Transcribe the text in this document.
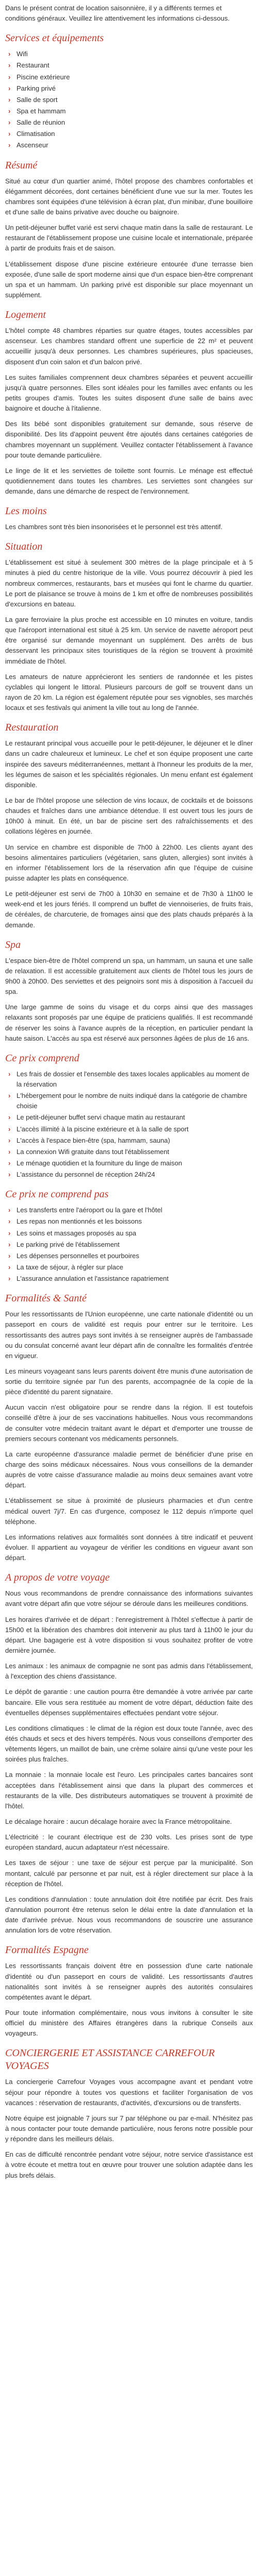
Dans le présent contrat de location saisonnière, il y a différents termes et conditions généraux. Veuillez lire attentivement les informations ci-dessous.

Services et équipements
› Wifi
› Restaurant
› Piscine extérieure
› Parking privé
› Salle de sport
› Spa et hammam
› Salle de réunion
› Climatisation
› Ascenseur
Résumé

Situé au cœur d'un quartier animé, l'hôtel propose des chambres confortables et élégamment décorées, dont certaines bénéficient d'une vue sur la mer. Toutes les chambres sont équipées d'une télévision à écran plat, d'un minibar, d'une bouilloire et d'une salle de bains privative avec douche ou baignoire.

Un petit-déjeuner buffet varié est servi chaque matin dans la salle de restaurant. Le restaurant de l'établissement propose une cuisine locale et internationale, préparée à partir de produits frais et de saison.

L'établissement dispose d'une piscine extérieure entourée d'une terrasse bien exposée, d'une salle de sport moderne ainsi que d'un espace bien-être comprenant un spa et un hammam. Un parking privé est disponible sur place moyennant un supplément.

Logement

L'hôtel compte 48 chambres réparties sur quatre étages, toutes accessibles par ascenseur. Les chambres standard offrent une superficie de 22 m² et peuvent accueillir jusqu'à deux personnes. Les chambres supérieures, plus spacieuses, disposent d'un coin salon et d'un balcon privé.

Les suites familiales comprennent deux chambres séparées et peuvent accueillir jusqu'à quatre personnes. Elles sont idéales pour les familles avec enfants ou les petits groupes d'amis. Toutes les suites disposent d'une salle de bains avec baignoire et douche à l'italienne.

Des lits bébé sont disponibles gratuitement sur demande, sous réserve de disponibilité. Des lits d'appoint peuvent être ajoutés dans certaines catégories de chambres moyennant un supplément. Veuillez contacter l'établissement à l'avance pour toute demande particulière.

Le linge de lit et les serviettes de toilette sont fournis. Le ménage est effectué quotidiennement dans toutes les chambres. Les serviettes sont changées sur demande, dans une démarche de respect de l'environnement.

Les moins

Les chambres sont très bien insonorisées et le personnel est très attentif.

Situation

L'établissement est situé à seulement 300 mètres de la plage principale et à 5 minutes à pied du centre historique de la ville. Vous pourrez découvrir à pied les nombreux commerces, restaurants, bars et musées qui font le charme du quartier. Le port de plaisance se trouve à moins de 1 km et offre de nombreuses possibilités d'excursions en bateau.

La gare ferroviaire la plus proche est accessible en 10 minutes en voiture, tandis que l'aéroport international est situé à 25 km. Un service de navette aéroport peut être organisé sur demande moyennant un supplément. Des arrêts de bus desservant les principaux sites touristiques de la région se trouvent à proximité immédiate de l'hôtel.

Les amateurs de nature apprécieront les sentiers de randonnée et les pistes cyclables qui longent le littoral. Plusieurs parcours de golf se trouvent dans un rayon de 20 km. La région est également réputée pour ses vignobles, ses marchés locaux et ses festivals qui animent la ville tout au long de l'année.

Restauration

Le restaurant principal vous accueille pour le petit-déjeuner, le déjeuner et le dîner dans un cadre chaleureux et lumineux. Le chef et son équipe proposent une carte inspirée des saveurs méditerranéennes, mettant à l'honneur les produits de la mer, les légumes de saison et les spécialités régionales. Un menu enfant est également disponible.

Le bar de l'hôtel propose une sélection de vins locaux, de cocktails et de boissons chaudes et fraîches dans une ambiance détendue. Il est ouvert tous les jours de 10h00 à minuit. En été, un bar de piscine sert des rafraîchissements et des collations légères en journée.

Un service en chambre est disponible de 7h00 à 22h00. Les clients ayant des besoins alimentaires particuliers (végétarien, sans gluten, allergies) sont invités à en informer l'établissement lors de la réservation afin que l'équipe de cuisine puisse adapter les plats en conséquence.

Le petit-déjeuner est servi de 7h00 à 10h30 en semaine et de 7h30 à 11h00 le week-end et les jours fériés. Il comprend un buffet de viennoiseries, de fruits frais, de céréales, de charcuterie, de fromages ainsi que des plats chauds préparés à la demande.

Spa

L'espace bien-être de l'hôtel comprend un spa, un hammam, un sauna et une salle de relaxation. Il est accessible gratuitement aux clients de l'hôtel tous les jours de 9h00 à 20h00. Des serviettes et des peignoirs sont mis à disposition à l'accueil du spa.

Une large gamme de soins du visage et du corps ainsi que des massages relaxants sont proposés par une équipe de praticiens qualifiés. Il est recommandé de réserver les soins à l'avance auprès de la réception, en particulier pendant la haute saison. L'accès au spa est réservé aux personnes âgées de plus de 16 ans.

Ce prix comprend
› Les frais de dossier et l'ensemble des taxes locales applicables au moment de la réservation
› L'hébergement pour le nombre de nuits indiqué dans la catégorie de chambre choisie
› Le petit-déjeuner buffet servi chaque matin au restaurant
› L'accès illimité à la piscine extérieure et à la salle de sport
› L'accès à l'espace bien-être (spa, hammam, sauna)
› La connexion Wifi gratuite dans tout l'établissement
› Le ménage quotidien et la fourniture du linge de maison
› L'assistance du personnel de réception 24h/24
Ce prix ne comprend pas
› Les transferts entre l'aéroport ou la gare et l'hôtel
› Les repas non mentionnés et les boissons
› Les soins et massages proposés au spa
› Le parking privé de l'établissement
› Les dépenses personnelles et pourboires
› La taxe de séjour, à régler sur place
› L'assurance annulation et l'assistance rapatriement
Formalités & Santé

Pour les ressortissants de l'Union européenne, une carte nationale d'identité ou un passeport en cours de validité est requis pour entrer sur le territoire. Les ressortissants des autres pays sont invités à se renseigner auprès de l'ambassade ou du consulat concerné avant leur départ afin de connaître les formalités d'entrée en vigueur.

Les mineurs voyageant sans leurs parents doivent être munis d'une autorisation de sortie du territoire signée par l'un des parents, accompagnée de la copie de la pièce d'identité du parent signataire.

Aucun vaccin n'est obligatoire pour se rendre dans la région. Il est toutefois conseillé d'être à jour de ses vaccinations habituelles. Nous vous recommandons de consulter votre médecin traitant avant le départ et d'emporter une trousse de premiers secours contenant vos médicaments personnels.

La carte européenne d'assurance maladie permet de bénéficier d'une prise en charge des soins médicaux nécessaires. Nous vous conseillons de la demander auprès de votre caisse d'assurance maladie au moins deux semaines avant votre départ.

L'établissement se situe à proximité de plusieurs pharmacies et d'un centre médical ouvert 7j/7. En cas d'urgence, composez le 112 depuis n'importe quel téléphone.

Les informations relatives aux formalités sont données à titre indicatif et peuvent évoluer. Il appartient au voyageur de vérifier les conditions en vigueur avant son départ.

A propos de votre voyage

Nous vous recommandons de prendre connaissance des informations suivantes avant votre départ afin que votre séjour se déroule dans les meilleures conditions.

Les horaires d'arrivée et de départ : l'enregistrement à l'hôtel s'effectue à partir de 15h00 et la libération des chambres doit intervenir au plus tard à 11h00 le jour du départ. Une bagagerie est à votre disposition si vous souhaitez profiter de votre dernière journée.

Les animaux : les animaux de compagnie ne sont pas admis dans l'établissement, à l'exception des chiens d'assistance.

Le dépôt de garantie : une caution pourra être demandée à votre arrivée par carte bancaire. Elle vous sera restituée au moment de votre départ, déduction faite des éventuelles dépenses supplémentaires effectuées pendant votre séjour.

Les conditions climatiques : le climat de la région est doux toute l'année, avec des étés chauds et secs et des hivers tempérés. Nous vous conseillons d'emporter des vêtements légers, un maillot de bain, une crème solaire ainsi qu'une veste pour les soirées plus fraîches.

La monnaie : la monnaie locale est l'euro. Les principales cartes bancaires sont acceptées dans l'établissement ainsi que dans la plupart des commerces et restaurants de la ville. Des distributeurs automatiques se trouvent à proximité de l'hôtel.

Le décalage horaire : aucun décalage horaire avec la France métropolitaine.

L'électricité : le courant électrique est de 230 volts. Les prises sont de type européen standard, aucun adaptateur n'est nécessaire.

Les taxes de séjour : une taxe de séjour est perçue par la municipalité. Son montant, calculé par personne et par nuit, est à régler directement sur place à la réception de l'hôtel.

Les conditions d'annulation : toute annulation doit être notifiée par écrit. Des frais d'annulation pourront être retenus selon le délai entre la date d'annulation et la date d'arrivée prévue. Nous vous recommandons de souscrire une assurance annulation lors de votre réservation.

Formalités Espagne

Les ressortissants français doivent être en possession d'une carte nationale d'identité ou d'un passeport en cours de validité. Les ressortissants d'autres nationalités sont invités à se renseigner auprès des autorités consulaires compétentes avant le départ.

Pour toute information complémentaire, nous vous invitons à consulter le site officiel du ministère des Affaires étrangères dans la rubrique Conseils aux voyageurs.

CONCIERGERIE ET ASSISTANCE CARREFOUR VOYAGES

La conciergerie Carrefour Voyages vous accompagne avant et pendant votre séjour pour répondre à toutes vos questions et faciliter l'organisation de vos vacances : réservation de restaurants, d'activités, d'excursions ou de transferts.

Notre équipe est joignable 7 jours sur 7 par téléphone ou par e-mail. N'hésitez pas à nous contacter pour toute demande particulière, nous ferons notre possible pour y répondre dans les meilleurs délais.

En cas de difficulté rencontrée pendant votre séjour, notre service d'assistance est à votre écoute et mettra tout en œuvre pour trouver une solution adaptée dans les plus brefs délais.
